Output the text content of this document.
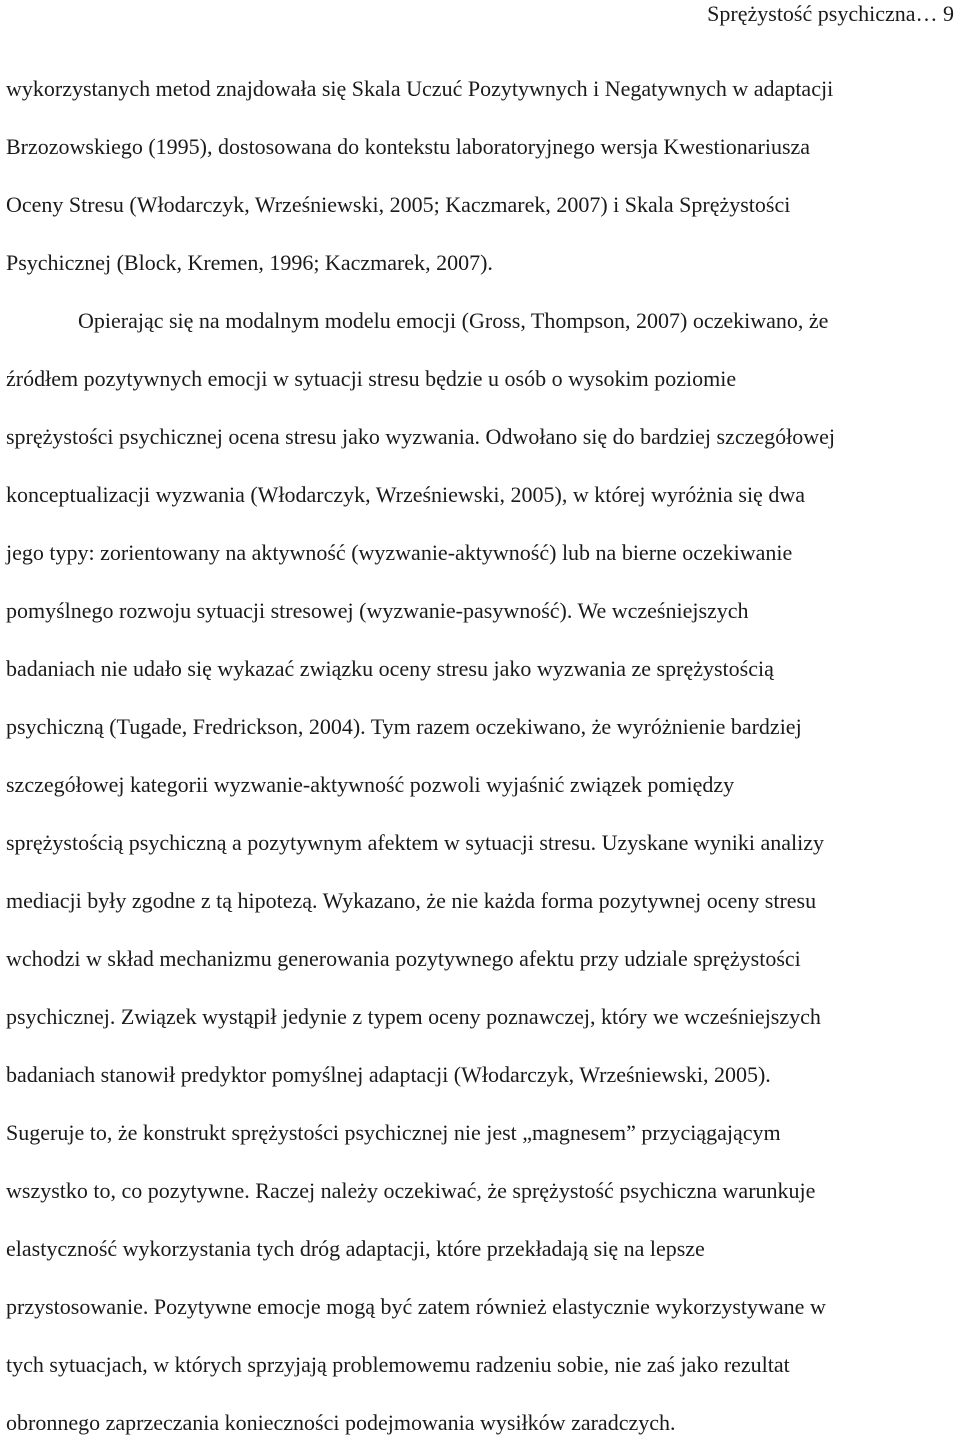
Sprężystość psychiczna… 9
wykorzystanych metod znajdowała się Skala Uczuć Pozytywnych i Negatywnych w adaptacji
Brzozowskiego (1995), dostosowana do kontekstu laboratoryjnego wersja Kwestionariusza
Oceny Stresu (Włodarczyk, Wrześniewski, 2005; Kaczmarek, 2007) i Skala Sprężystości
Psychicznej (Block, Kremen, 1996; Kaczmarek, 2007).
Opierając się na modalnym modelu emocji (Gross, Thompson, 2007) oczekiwano, że
źródłem pozytywnych emocji w sytuacji stresu będzie u osób o wysokim poziomie
sprężystości psychicznej ocena stresu jako wyzwania. Odwołano się do bardziej szczegółowej
konceptualizacji wyzwania (Włodarczyk, Wrześniewski, 2005), w której wyróżnia się dwa
jego typy: zorientowany na aktywność (wyzwanie-aktywność) lub na bierne oczekiwanie
pomyślnego rozwoju sytuacji stresowej (wyzwanie-pasywność). We wcześniejszych
badaniach nie udało się wykazać związku oceny stresu jako wyzwania ze sprężystością
psychiczną (Tugade, Fredrickson, 2004). Tym razem oczekiwano, że wyróżnienie bardziej
szczegółowej kategorii wyzwanie-aktywność pozwoli wyjaśnić związek pomiędzy
sprężystością psychiczną a pozytywnym afektem w sytuacji stresu. Uzyskane wyniki analizy
mediacji były zgodne z tą hipotezą. Wykazano, że nie każda forma pozytywnej oceny stresu
wchodzi w skład mechanizmu generowania pozytywnego afektu przy udziale sprężystości
psychicznej. Związek wystąpił jedynie z typem oceny poznawczej, który we wcześniejszych
badaniach stanowił predyktor pomyślnej adaptacji (Włodarczyk, Wrześniewski, 2005).
Sugeruje to, że konstrukt sprężystości psychicznej nie jest „magnesem” przyciągającym
wszystko to, co pozytywne. Raczej należy oczekiwać, że sprężystość psychiczna warunkuje
elastyczność wykorzystania tych dróg adaptacji, które przekładają się na lepsze
przystosowanie. Pozytywne emocje mogą być zatem również elastycznie wykorzystywane w
tych sytuacjach, w których sprzyjają problemowemu radzeniu sobie, nie zaś jako rezultat
obronnego zaprzeczania konieczności podejmowania wysiłków zaradczych.
